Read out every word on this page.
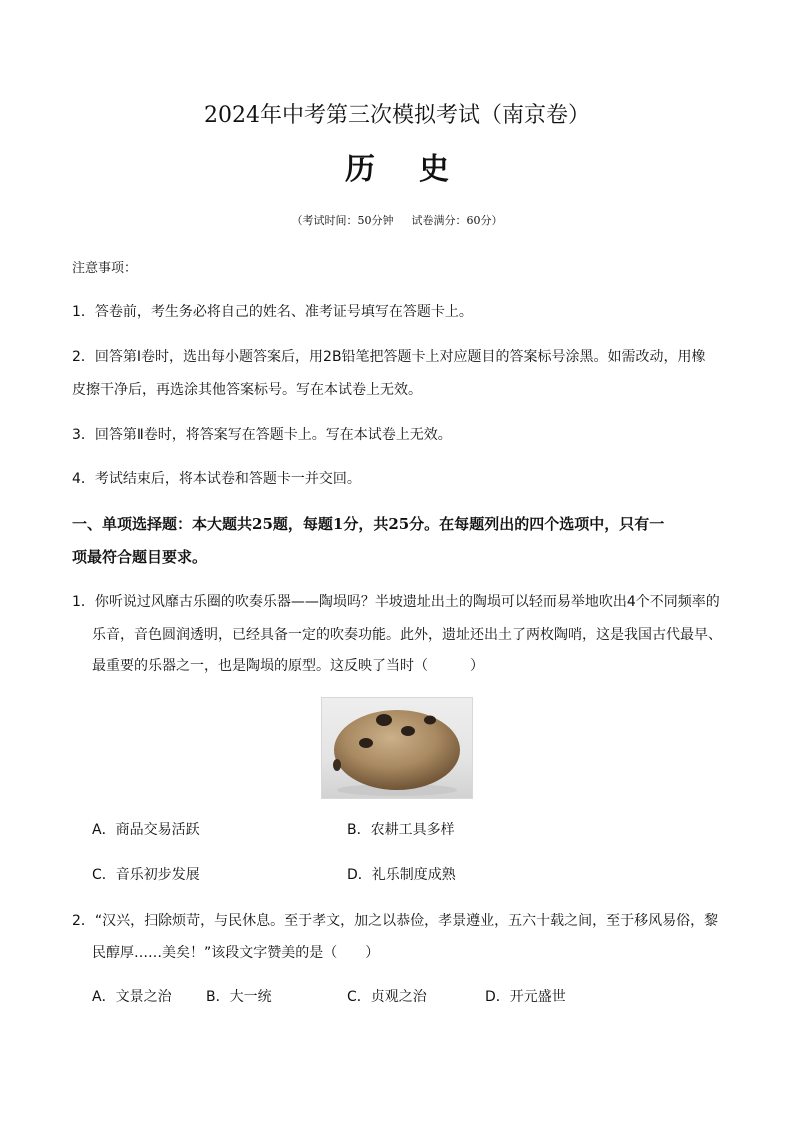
2024年中考第三次模拟考试（南京卷）
历 史
（考试时间：50分钟 试卷满分：60分）
注意事项：
1．答卷前，考生务必将自己的姓名、准考证号填写在答题卡上。
2．回答第Ⅰ卷时，选出每小题答案后，用2B铅笔把答题卡上对应题目的答案标号涂黑。如需改动，用橡
皮擦干净后，再选涂其他答案标号。写在本试卷上无效。
3．回答第Ⅱ卷时，将答案写在答题卡上。写在本试卷上无效。
4．考试结束后，将本试卷和答题卡一并交回。
一、单项选择题：本大题共25题，每题1分，共25分。在每题列出的四个选项中，只有一
项最符合题目要求。
1．你听说过风靡古乐圈的吹奏乐器——陶埙吗？半坡遗址出土的陶埙可以轻而易举地吹出4个不同频率的
乐音，音色圆润透明，已经具备一定的吹奏功能。此外，遗址还出土了两枚陶哨，这是我国古代最早、
最重要的乐器之一，也是陶埙的原型。这反映了当时（　　　）
A．商品交易活跃	B．农耕工具多样
C．音乐初步发展	D．礼乐制度成熟
2．“汉兴，扫除烦苛，与民休息。至于孝文，加之以恭俭，孝景遵业，五六十载之间，至于移风易俗，黎
民醇厚……美矣！”该段文字赞美的是（　　）
A．文景之治 B．大一统	C．贞观之治	D．开元盛世
